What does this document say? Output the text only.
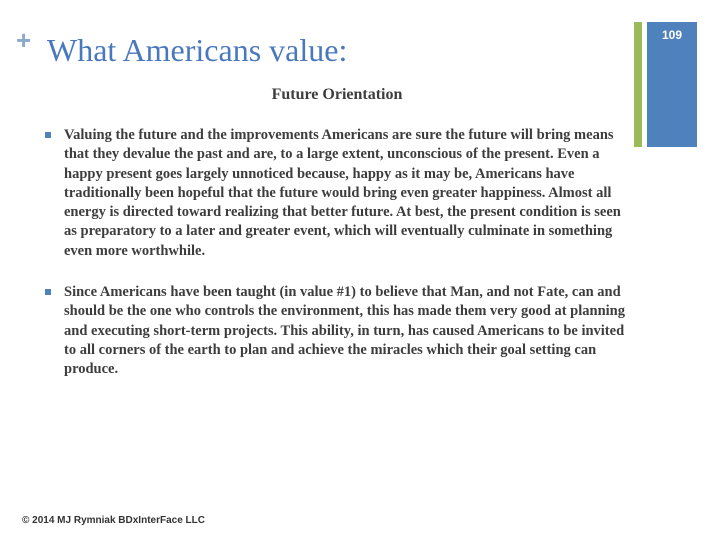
+ What Americans value:	109
Future Orientation
Valuing the future and the improvements Americans are sure the future will bring means that they devalue the past and are, to a large extent, unconscious of the present. Even a happy present goes largely unnoticed because, happy as it may be, Americans have traditionally been hopeful that the future would bring even greater happiness. Almost all energy is directed toward realizing that better future. At best, the present condition is seen as preparatory to a later and greater event, which will eventually culminate in something even more worthwhile.
Since Americans have been taught (in value #1) to believe that Man, and not Fate, can and should be the one who controls the environment, this has made them very good at planning and executing short-term projects. This ability, in turn, has caused Americans to be invited to all corners of the earth to plan and achieve the miracles which their goal setting can produce.
© 2014 MJ Rymniak BDxInterFace LLC
